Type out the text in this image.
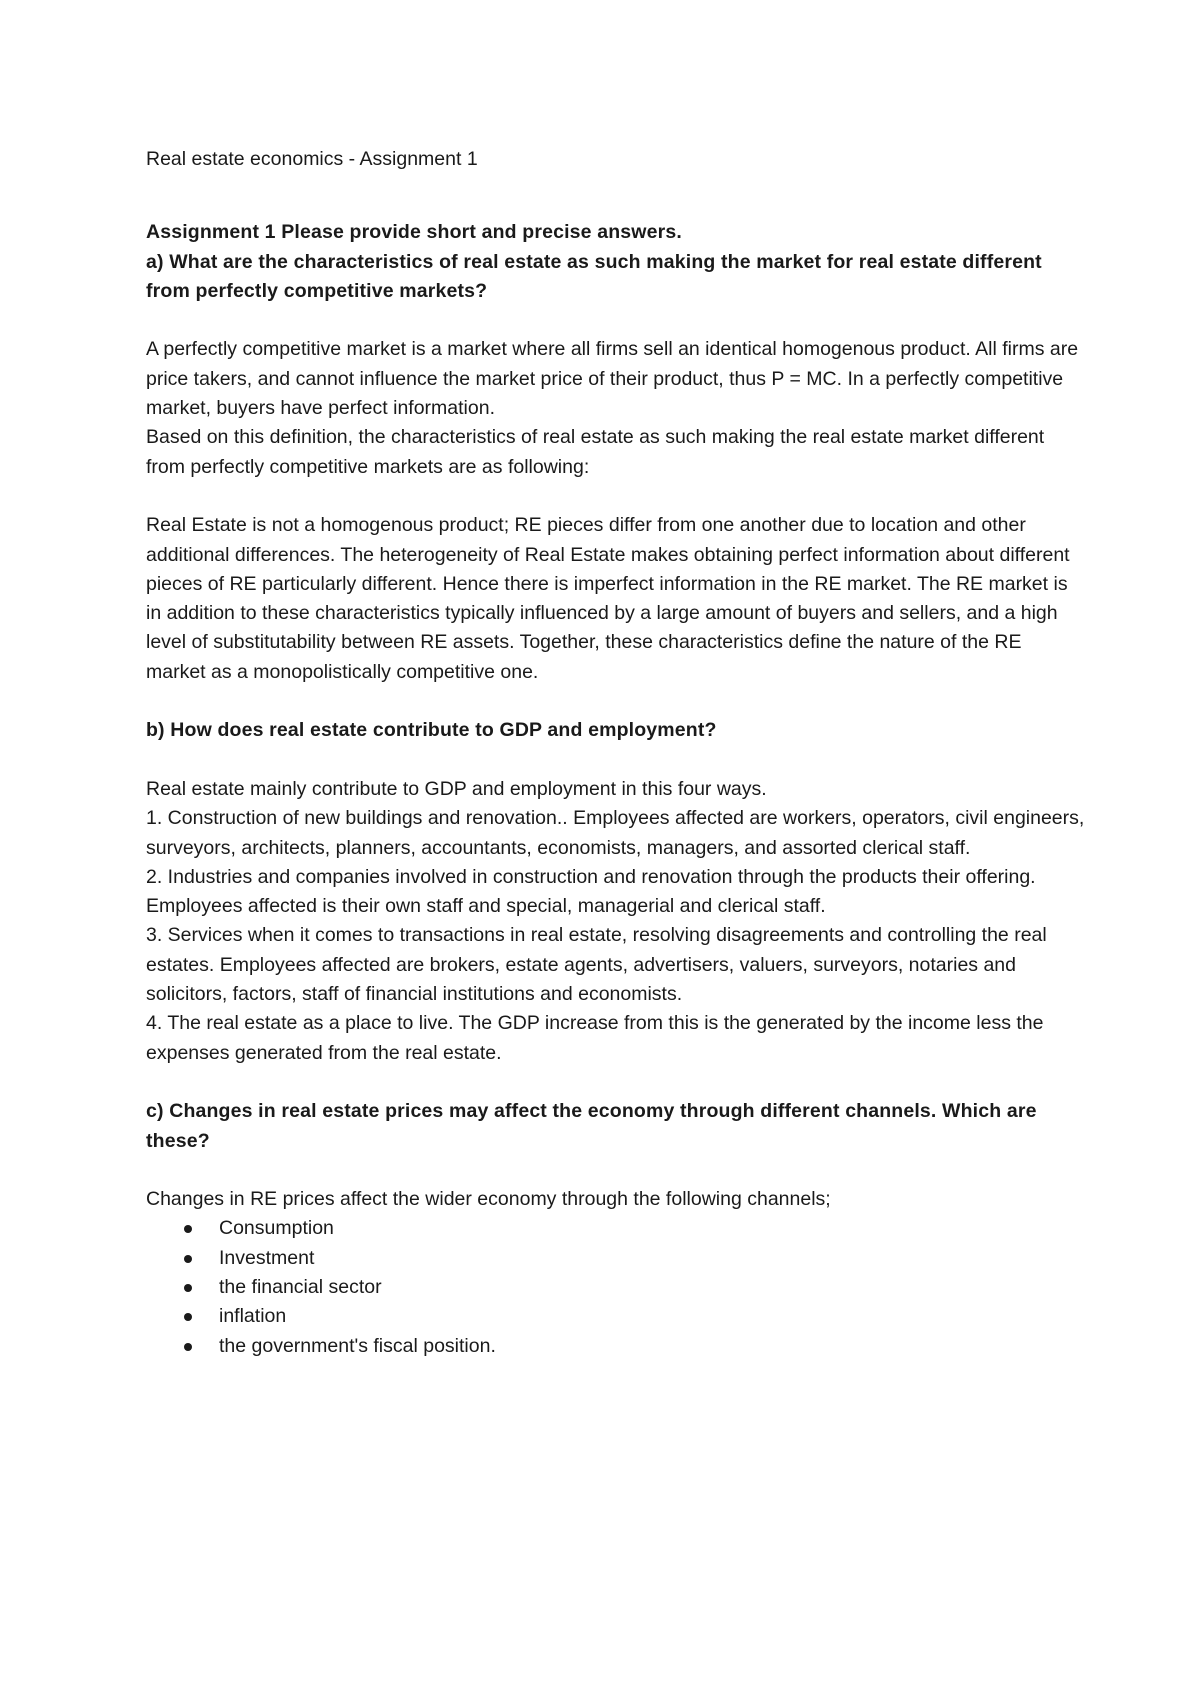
Real estate economics - Assignment 1

Assignment 1 Please provide short and precise answers.

a) What are the characteristics of real estate as such making the market for real estate different from perfectly competitive markets?

A perfectly competitive market is a market where all firms sell an identical homogenous product. All firms are price takers, and cannot influence the market price of their product, thus P = MC. In a perfectly competitive market, buyers have perfect information.

Based on this definition, the characteristics of real estate as such making the real estate market different from perfectly competitive markets are as following:

Real Estate is not a homogenous product; RE pieces differ from one another due to location and other additional differences. The heterogeneity of Real Estate makes obtaining perfect information about different pieces of RE particularly different. Hence there is imperfect information in the RE market. The RE market is in addition to these characteristics typically influenced by a large amount of buyers and sellers, and a high level of substitutability between RE assets. Together, these characteristics define the nature of the RE market as a monopolistically competitive one.

b) How does real estate contribute to GDP and employment?

Real estate mainly contribute to GDP and employment in this four ways.

1. Construction of new buildings and renovation.. Employees affected are workers, operators, civil engineers, surveyors, architects, planners, accountants, economists, managers, and assorted clerical staff.

2. Industries and companies involved in construction and renovation through the products their offering. Employees affected is their own staff and special, managerial and clerical staff.

3. Services when it comes to transactions in real estate, resolving disagreements and controlling the real estates. Employees affected are brokers, estate agents, advertisers, valuers, surveyors, notaries and solicitors, factors, staff of financial institutions and economists.

4. The real estate as a place to live. The GDP increase from this is the generated by the income less the expenses generated from the real estate.

c) Changes in real estate prices may affect the economy through different channels. Which are these?

Changes in RE prices affect the wider economy through the following channels;

Consumption
Investment
the financial sector
inflation
the government's fiscal position.
